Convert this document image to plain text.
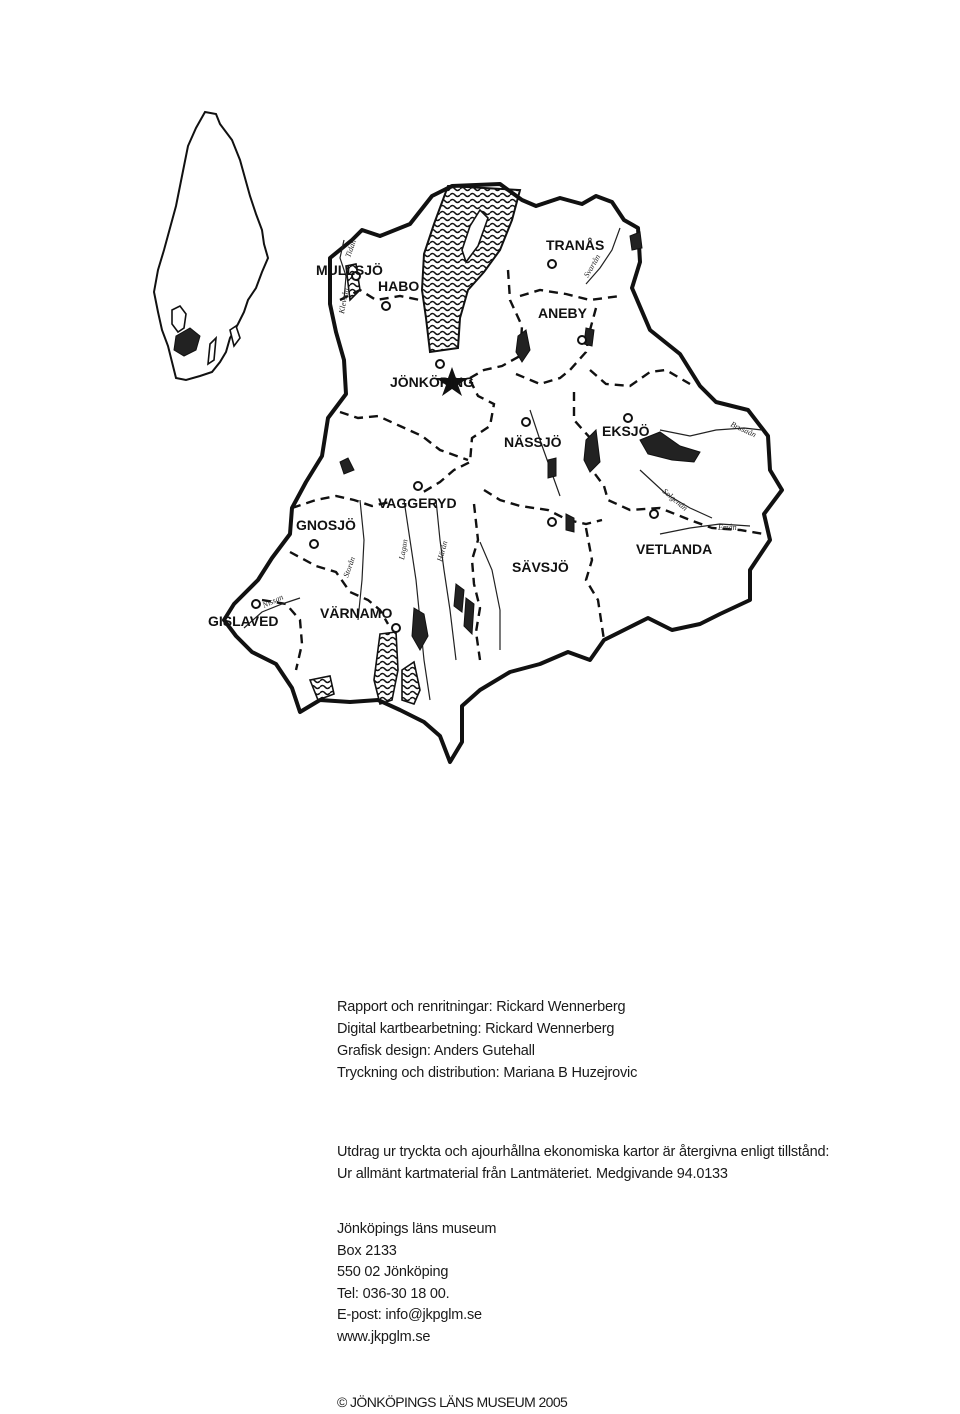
MULLSJÖ
HABO
TRANÅS
ANEBY
JÖNKÖPING
NÄSSJÖ
EKSJÖ
VAGGERYD
GNOSJÖ
VETLANDA
SÄVSJÖ
GISLAVED	VÄRNAMO
Tidan
Svartån
Brusaån
Solgenån
Emån
Lagan
Nissan
Storån
Härån
Klevsån
Rapport och renritningar: Rickard Wennerberg
Digital kartbearbetning: Rickard Wennerberg
Grafisk design: Anders Gutehall
Tryckning och distribution: Mariana B Huzejrovic
Utdrag ur tryckta och ajourhållna ekonomiska kartor är återgivna enligt tillstånd:
Ur allmänt kartmaterial från Lantmäteriet. Medgivande 94.0133
Jönköpings läns museum
Box 2133
550 02 Jönköping
Tel: 036-30 18 00.
E-post: info@jkpglm.se
www.jkpglm.se
© JÖNKÖPINGS LÄNS MUSEUM 2005
